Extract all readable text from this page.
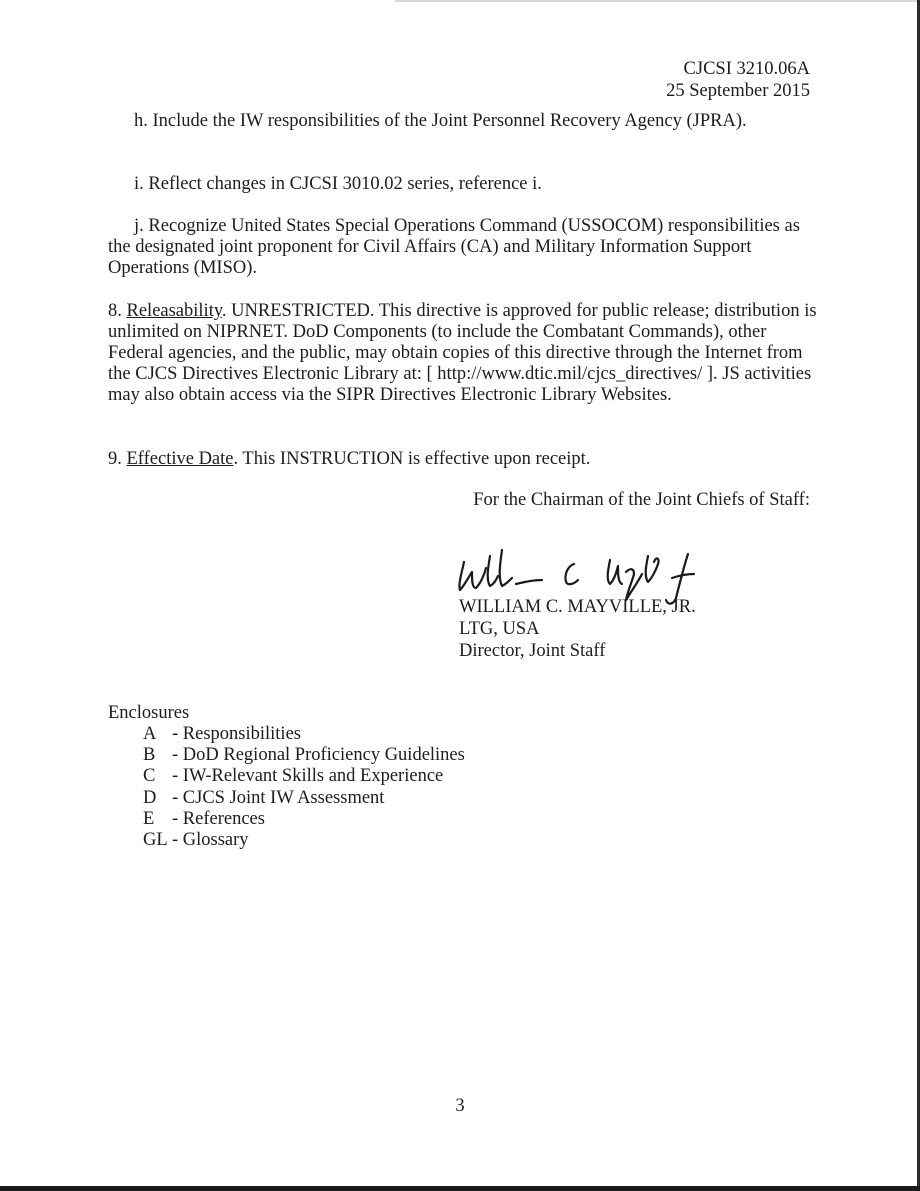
CJCSI 3210.06A
25 September 2015
h. Include the IW responsibilities of the Joint Personnel Recovery Agency (JPRA).
i. Reflect changes in CJCSI 3010.02 series, reference i.
j. Recognize United States Special Operations Command (USSOCOM) responsibilities as the designated joint proponent for Civil Affairs (CA) and Military Information Support Operations (MISO).
8. Releasability. UNRESTRICTED. This directive is approved for public release; distribution is unlimited on NIPRNET. DoD Components (to include the Combatant Commands), other Federal agencies, and the public, may obtain copies of this directive through the Internet from the CJCS Directives Electronic Library at: [ http://www.dtic.mil/cjcs_directives/ ]. JS activities may also obtain access via the SIPR Directives Electronic Library Websites.
9. Effective Date. This INSTRUCTION is effective upon receipt.
For the Chairman of the Joint Chiefs of Staff:
WILLIAM C. MAYVILLE, JR.
LTG, USA
Director, Joint Staff
Enclosures
A - Responsibilities
B - DoD Regional Proficiency Guidelines
C - IW-Relevant Skills and Experience
D - CJCS Joint IW Assessment
E - References
GL - Glossary
3
